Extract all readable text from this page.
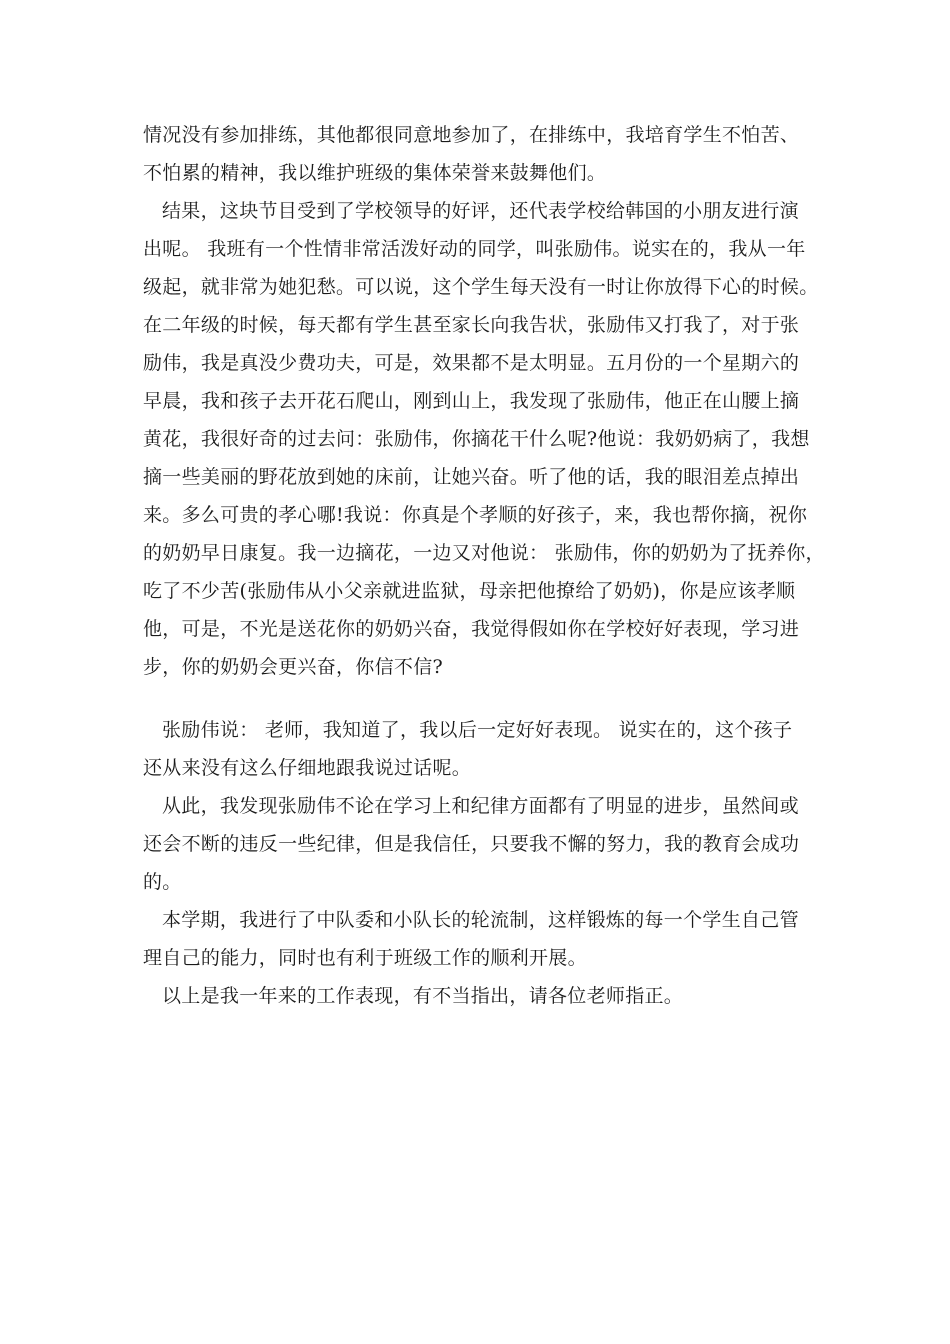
情况没有参加排练，其他都很同意地参加了，在排练中，我培育学生不怕苦、
不怕累的精神，我以维护班级的集体荣誉来鼓舞他们。
结果，这块节目受到了学校领导的好评，还代表学校给韩国的小朋友进行演
出呢。 我班有一个性情非常活泼好动的同学，叫张励伟。说实在的，我从一年
级起，就非常为她犯愁。可以说，这个学生每天没有一时让你放得下心的时候。
在二年级的时候，每天都有学生甚至家长向我告状，张励伟又打我了，对于张
励伟，我是真没少费功夫，可是，效果都不是太明显。五月份的一个星期六的
早晨，我和孩子去开花石爬山，刚到山上，我发现了张励伟，他正在山腰上摘
黄花，我很好奇的过去问：张励伟，你摘花干什么呢?他说：我奶奶病了，我想
摘一些美丽的野花放到她的床前，让她兴奋。听了他的话，我的眼泪差点掉出
来。多么可贵的孝心哪!我说：你真是个孝顺的好孩子，来，我也帮你摘，祝你
的奶奶早日康复。我一边摘花，一边又对他说： 张励伟，你的奶奶为了抚养你，
吃了不少苦(张励伟从小父亲就进监狱，母亲把他撩给了奶奶)，你是应该孝顺
他，可是，不光是送花你的奶奶兴奋，我觉得假如你在学校好好表现，学习进
步，你的奶奶会更兴奋，你信不信?
张励伟说： 老师，我知道了，我以后一定好好表现。 说实在的，这个孩子
还从来没有这么仔细地跟我说过话呢。
从此，我发现张励伟不论在学习上和纪律方面都有了明显的进步，虽然间或
还会不断的违反一些纪律，但是我信任，只要我不懈的努力，我的教育会成功
的。
本学期，我进行了中队委和小队长的轮流制，这样锻炼的每一个学生自己管
理自己的能力，同时也有利于班级工作的顺利开展。
以上是我一年来的工作表现，有不当指出，请各位老师指正。
